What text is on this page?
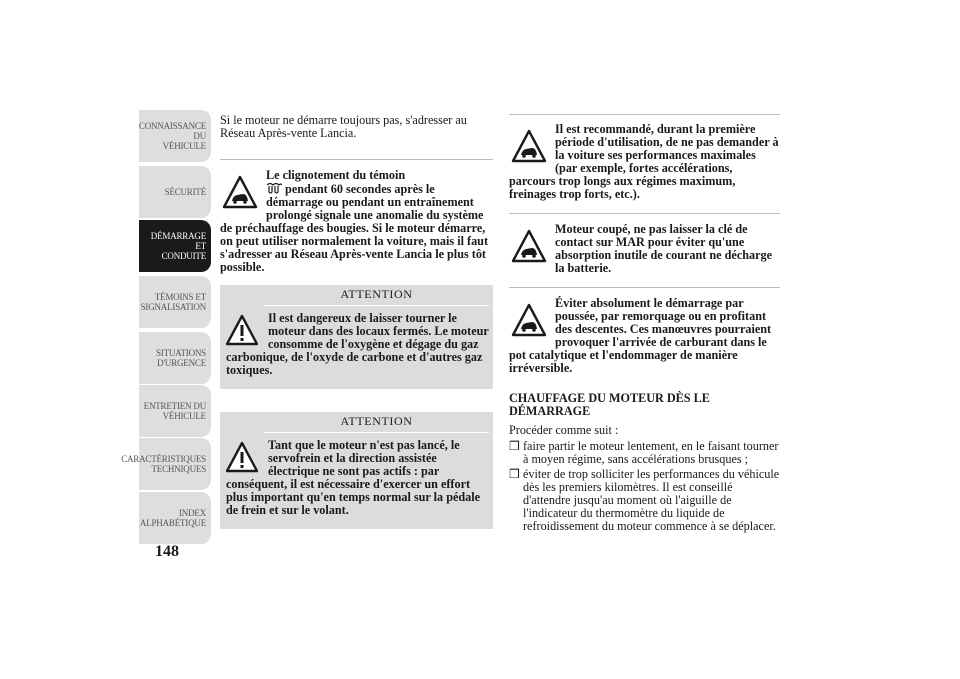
CONNAISSANCE DU
VÉHICULE
SÉCURITÉ
DÉMARRAGE ET
CONDUITE
TÉMOINS ET
SIGNALISATION
SITUATIONS
D'URGENCE
ENTRETIEN DU
VÉHICULE
CARACTÉRISTIQUES
TECHNIQUES
INDEX
ALPHABÉTIQUE
148

Si le moteur ne démarre toujours pas, s'adresser au Réseau Après-vente Lancia.

Le clignotement du témoin
pendant 60 secondes après le démarrage ou pendant un entraînement prolongé signale une anomalie du système de préchauffage des bougies. Si le moteur démarre, on peut utiliser normalement la voiture, mais il faut s'adresser au Réseau Après-vente Lancia le plus tôt possible.

ATTENTION

Il est dangereux de laisser tourner le moteur dans des locaux fermés. Le moteur consomme de l'oxygène et dégage du gaz carbonique, de l'oxyde de carbone et d'autres gaz toxiques.

ATTENTION

Tant que le moteur n'est pas lancé, le servofrein et la direction assistée électrique ne sont pas actifs : par conséquent, il est nécessaire d'exercer un effort plus important qu'en temps normal sur la pédale de frein et sur le volant.

Il est recommandé, durant la première période d'utilisation, de ne pas demander à la voiture ses performances maximales (par exemple, fortes accélérations, parcours trop longs aux régimes maximum, freinages trop forts, etc.).

Moteur coupé, ne pas laisser la clé de contact sur MAR pour éviter qu'une absorption inutile de courant ne décharge la batterie.

Éviter absolument le démarrage par poussée, par remorquage ou en profitant des descentes. Ces manœuvres pourraient provoquer l'arrivée de carburant dans le pot catalytique et l'endommager de manière irréversible.

CHAUFFAGE DU MOTEUR DÈS LE DÉMARRAGE

Procéder comme suit :

❒ faire partir le moteur lentement, en le faisant tourner à moyen régime, sans accélérations brusques ;

❒ éviter de trop solliciter les performances du véhicule dès les premiers kilomètres. Il est conseillé d'attendre jusqu'au moment où l'aiguille de l'indicateur du thermomètre du liquide de refroidissement du moteur commence à se déplacer.
